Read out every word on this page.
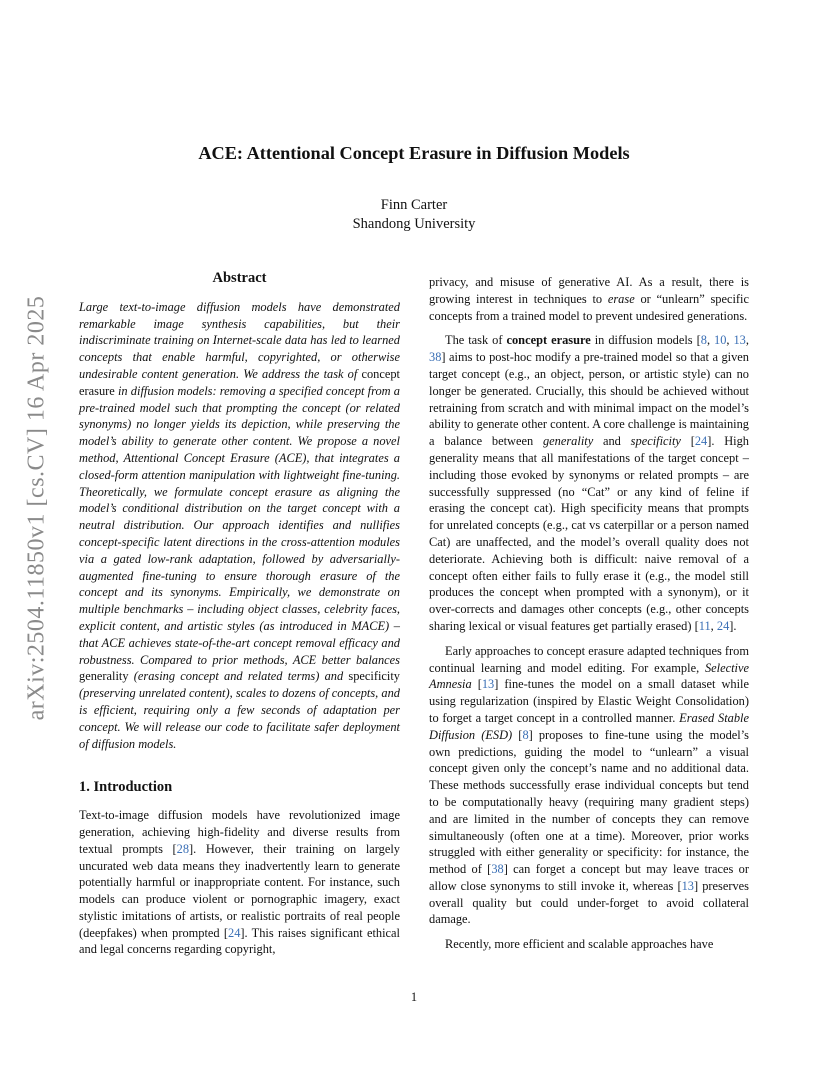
arXiv:2504.11850v1 [cs.CV] 16 Apr 2025
ACE: Attentional Concept Erasure in Diffusion Models
Finn Carter
Shandong University
Abstract

Large text-to-image diffusion models have demonstrated remarkable image synthesis capabilities, but their indiscriminate training on Internet-scale data has led to learned concepts that enable harmful, copyrighted, or otherwise undesirable content generation. We address the task of concept erasure in diffusion models: removing a specified concept from a pre-trained model such that prompting the concept (or related synonyms) no longer yields its depiction, while preserving the model’s ability to generate other content. We propose a novel method, Attentional Concept Erasure (ACE), that integrates a closed-form attention manipulation with lightweight fine-tuning. Theoretically, we formulate concept erasure as aligning the model’s conditional distribution on the target concept with a neutral distribution. Our approach identifies and nullifies concept-specific latent directions in the cross-attention modules via a gated low-rank adaptation, followed by adversarially-augmented fine-tuning to ensure thorough erasure of the concept and its synonyms. Empirically, we demonstrate on multiple benchmarks – including object classes, celebrity faces, explicit content, and artistic styles (as introduced in MACE) – that ACE achieves state-of-the-art concept removal efficacy and robustness. Compared to prior methods, ACE better balances generality (erasing concept and related terms) and specificity (preserving unrelated content), scales to dozens of concepts, and is efficient, requiring only a few seconds of adaptation per concept. We will release our code to facilitate safer deployment of diffusion models.

1. Introduction

Text-to-image diffusion models have revolutionized image generation, achieving high-fidelity and diverse results from textual prompts [28]. However, their training on largely uncurated web data means they inadvertently learn to generate potentially harmful or inappropriate content. For instance, such models can produce violent or pornographic imagery, exact stylistic imitations of artists, or realistic portraits of real people (deepfakes) when prompted [24]. This raises significant ethical and legal concerns regarding copyright,

privacy, and misuse of generative AI. As a result, there is growing interest in techniques to erase or “unlearn” specific concepts from a trained model to prevent undesired generations.

The task of concept erasure in diffusion models [8, 10, 13, 38] aims to post-hoc modify a pre-trained model so that a given target concept (e.g., an object, person, or artistic style) can no longer be generated. Crucially, this should be achieved without retraining from scratch and with minimal impact on the model’s ability to generate other content. A core challenge is maintaining a balance between generality and specificity [24]. High generality means that all manifestations of the target concept – including those evoked by synonyms or related prompts – are successfully suppressed (no “Cat” or any kind of feline if erasing the concept cat). High specificity means that prompts for unrelated concepts (e.g., cat vs caterpillar or a person named Cat) are unaffected, and the model’s overall quality does not deteriorate. Achieving both is difficult: naive removal of a concept often either fails to fully erase it (e.g., the model still produces the concept when prompted with a synonym), or it over-corrects and damages other concepts (e.g., other concepts sharing lexical or visual features get partially erased) [11, 24].

Early approaches to concept erasure adapted techniques from continual learning and model editing. For example, Selective Amnesia [13] fine-tunes the model on a small dataset while using regularization (inspired by Elastic Weight Consolidation) to forget a target concept in a controlled manner. Erased Stable Diffusion (ESD) [8] proposes to fine-tune using the model’s own predictions, guiding the model to “unlearn” a visual concept given only the concept’s name and no additional data. These methods successfully erase individual concepts but tend to be computationally heavy (requiring many gradient steps) and are limited in the number of concepts they can remove simultaneously (often one at a time). Moreover, prior works struggled with either generality or specificity: for instance, the method of [38] can forget a concept but may leave traces or allow close synonyms to still invoke it, whereas [13] preserves overall quality but could under-forget to avoid collateral damage.

Recently, more efficient and scalable approaches have

1
